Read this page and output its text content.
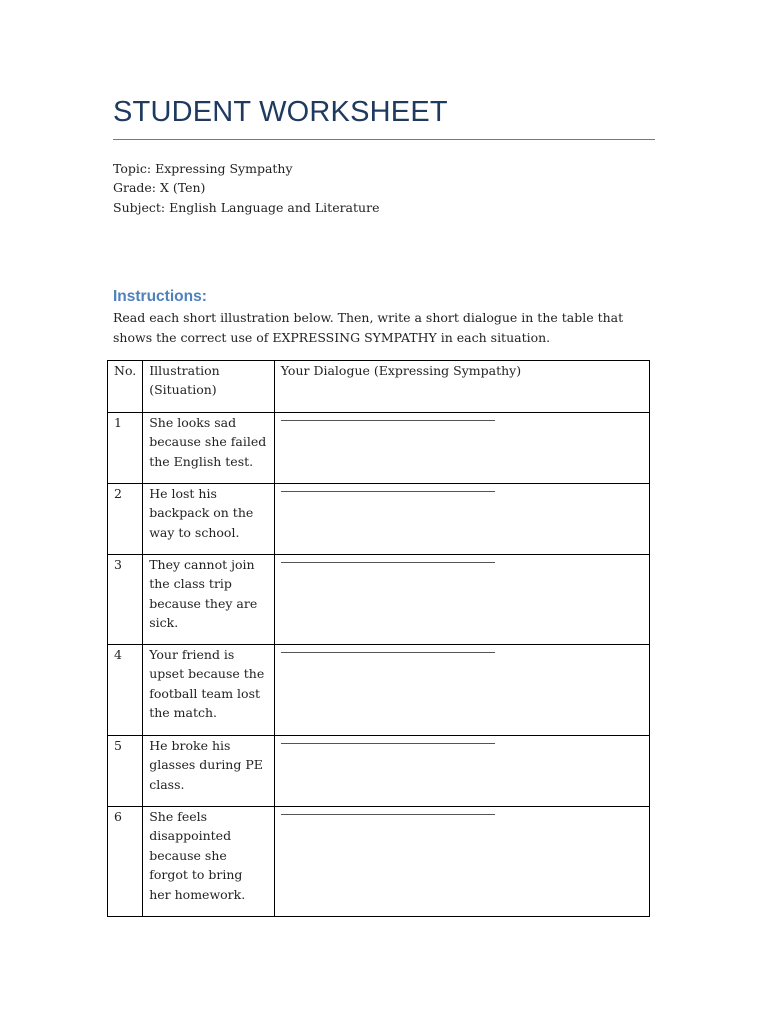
STUDENT WORKSHEET
Topic: Expressing Sympathy
Grade: X (Ten)
Subject: English Language and Literature
Instructions:
Read each short illustration below. Then, write a short dialogue in the table that shows the correct use of EXPRESSING SYMPATHY in each situation.
No.	Illustration (Situation)	Your Dialogue (Expressing Sympathy)
1	She looks sad because she failed the English test.	

2	He lost his backpack on the way to school.	

3	They cannot join the class trip because they are sick.	

4	Your friend is upset because the football team lost the match.	

5	He broke his glasses during PE class.	

6	She feels disappointed because she forgot to bring her homework.	
